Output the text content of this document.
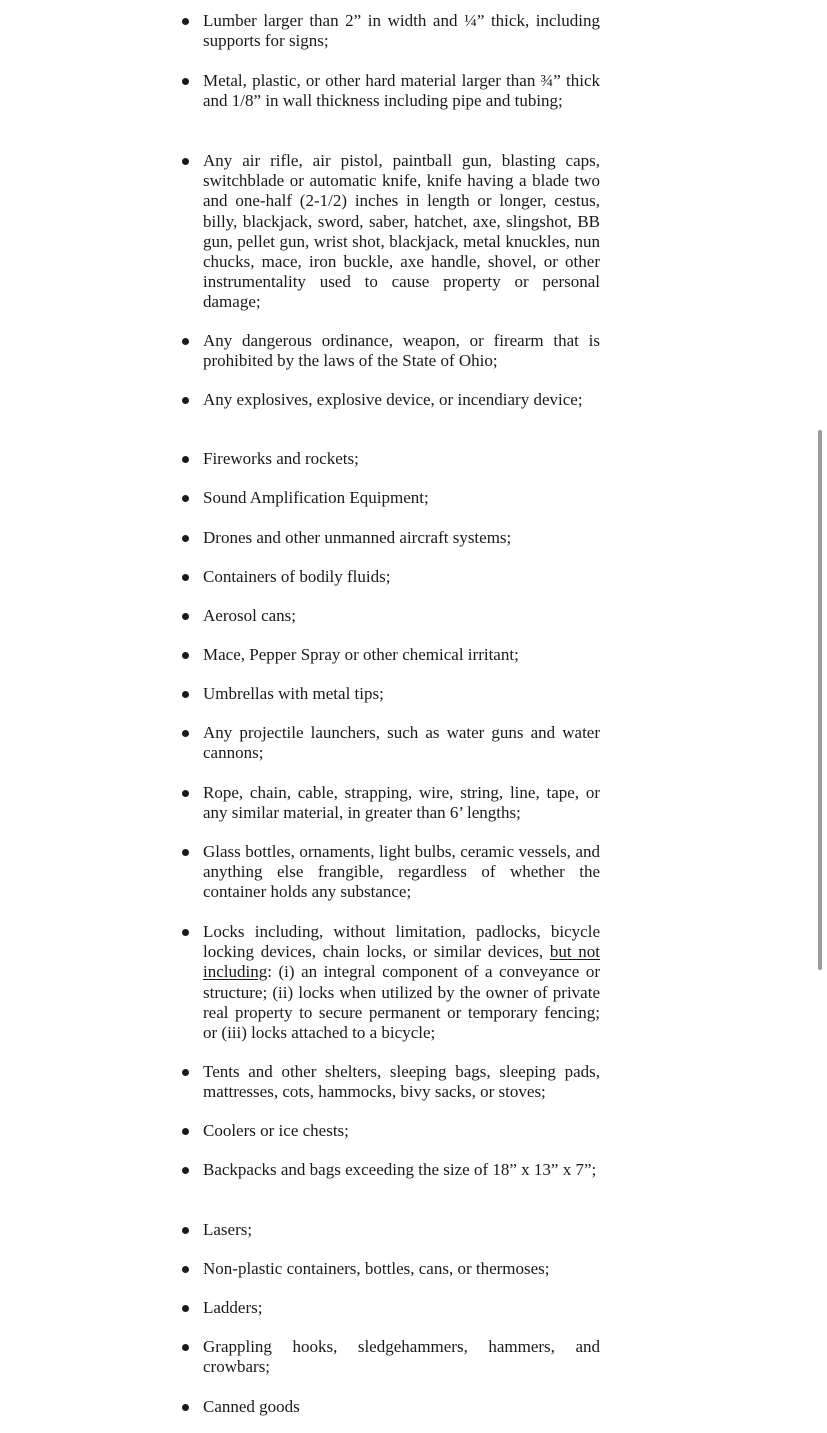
Lumber larger than 2” in width and ¼” thick, including supports for signs;
Metal, plastic, or other hard material larger than ¾” thick and 1/8” in wall thickness including pipe and tubing;
Any air rifle, air pistol, paintball gun, blasting caps, switchblade or automatic knife, knife having a blade two and one-half (2-1/2) inches in length or longer, cestus, billy, blackjack, sword, saber, hatchet, axe, slingshot, BB gun, pellet gun, wrist shot, blackjack, metal knuckles, nun chucks, mace, iron buckle, axe handle, shovel, or other instrumentality used to cause property or personal damage;
Any dangerous ordinance, weapon, or firearm that is prohibited by the laws of the State of Ohio;
Any explosives, explosive device, or incendiary device;
Fireworks and rockets;
Sound Amplification Equipment;
Drones and other unmanned aircraft systems;
Containers of bodily fluids;
Aerosol cans;
Mace, Pepper Spray or other chemical irritant;
Umbrellas with metal tips;
Any projectile launchers, such as water guns and water cannons;
Rope, chain, cable, strapping, wire, string, line, tape, or any similar material, in greater than 6’ lengths;
Glass bottles, ornaments, light bulbs, ceramic vessels, and anything else frangible, regardless of whether the container holds any substance;
Locks including, without limitation, padlocks, bicycle locking devices, chain locks, or similar devices, but not including: (i) an integral component of a conveyance or structure; (ii) locks when utilized by the owner of private real property to secure permanent or temporary fencing; or (iii) locks attached to a bicycle;
Tents and other shelters, sleeping bags, sleeping pads, mattresses, cots, hammocks, bivy sacks, or stoves;
Coolers or ice chests;
Backpacks and bags exceeding the size of 18” x 13” x 7”;
Lasers;
Non-plastic containers, bottles, cans, or thermoses;
Ladders;
Grappling hooks, sledgehammers, hammers, and crowbars;
Canned goods
